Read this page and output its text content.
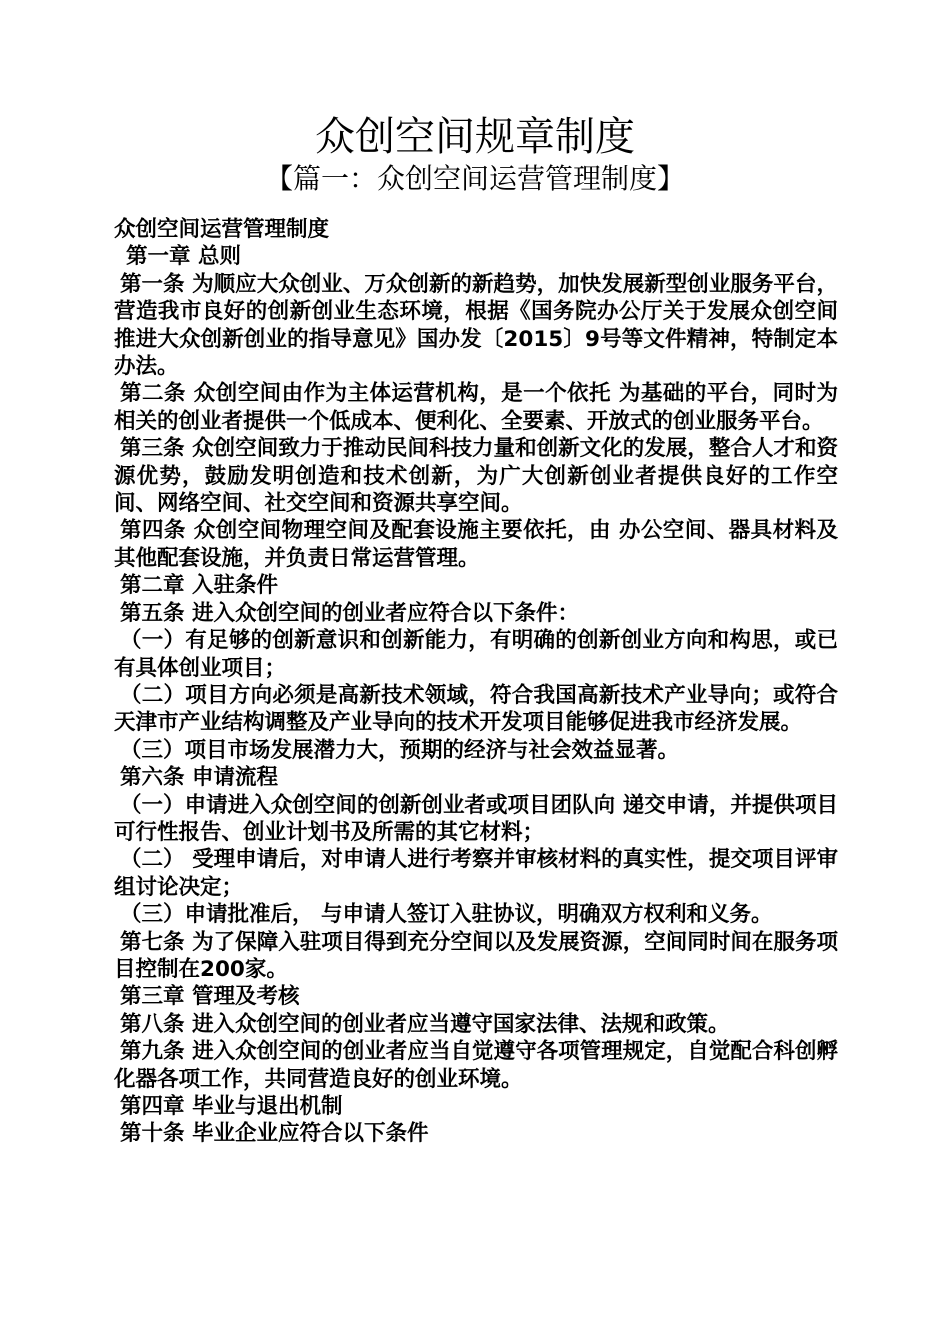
众创空间规章制度
【篇一：众创空间运营管理制度】

众创空间运营管理制度

第一章 总则

第一条 为顺应大众创业、万众创新的新趋势，加快发展新型创业服务平台，营造我市良好的创新创业生态环境，根据《国务院办公厅关于发展众创空间推进大众创新创业的指导意见》国办发〔2015〕9号等文件精神，特制定本办法。

第二条 众创空间由作为主体运营机构，是一个依托 为基础的平台，同时为相关的创业者提供一个低成本、便利化、全要素、开放式的创业服务平台。

第三条 众创空间致力于推动民间科技力量和创新文化的发展，整合人才和资源优势，鼓励发明创造和技术创新，为广大创新创业者提供良好的工作空间、网络空间、社交空间和资源共享空间。

第四条 众创空间物理空间及配套设施主要依托，由 办公空间、器具材料及其他配套设施，并负责日常运营管理。

第二章 入驻条件

第五条 进入众创空间的创业者应符合以下条件：

（一）有足够的创新意识和创新能力，有明确的创新创业方向和构思，或已有具体创业项目；

（二）项目方向必须是高新技术领域，符合我国高新技术产业导向；或符合天津市产业结构调整及产业导向的技术开发项目能够促进我市经济发展。

（三）项目市场发展潜力大，预期的经济与社会效益显著。

第六条 申请流程

（一）申请进入众创空间的创新创业者或项目团队向 递交申请，并提供项目可行性报告、创业计划书及所需的其它材料；

（二） 受理申请后，对申请人进行考察并审核材料的真实性，提交项目评审组讨论决定；

（三）申请批准后， 与申请人签订入驻协议，明确双方权利和义务。

第七条 为了保障入驻项目得到充分空间以及发展资源，空间同时间在服务项目控制在200家。

第三章 管理及考核

第八条 进入众创空间的创业者应当遵守国家法律、法规和政策。

第九条 进入众创空间的创业者应当自觉遵守各项管理规定，自觉配合科创孵化器各项工作，共同营造良好的创业环境。

第四章 毕业与退出机制

第十条 毕业企业应符合以下条件
